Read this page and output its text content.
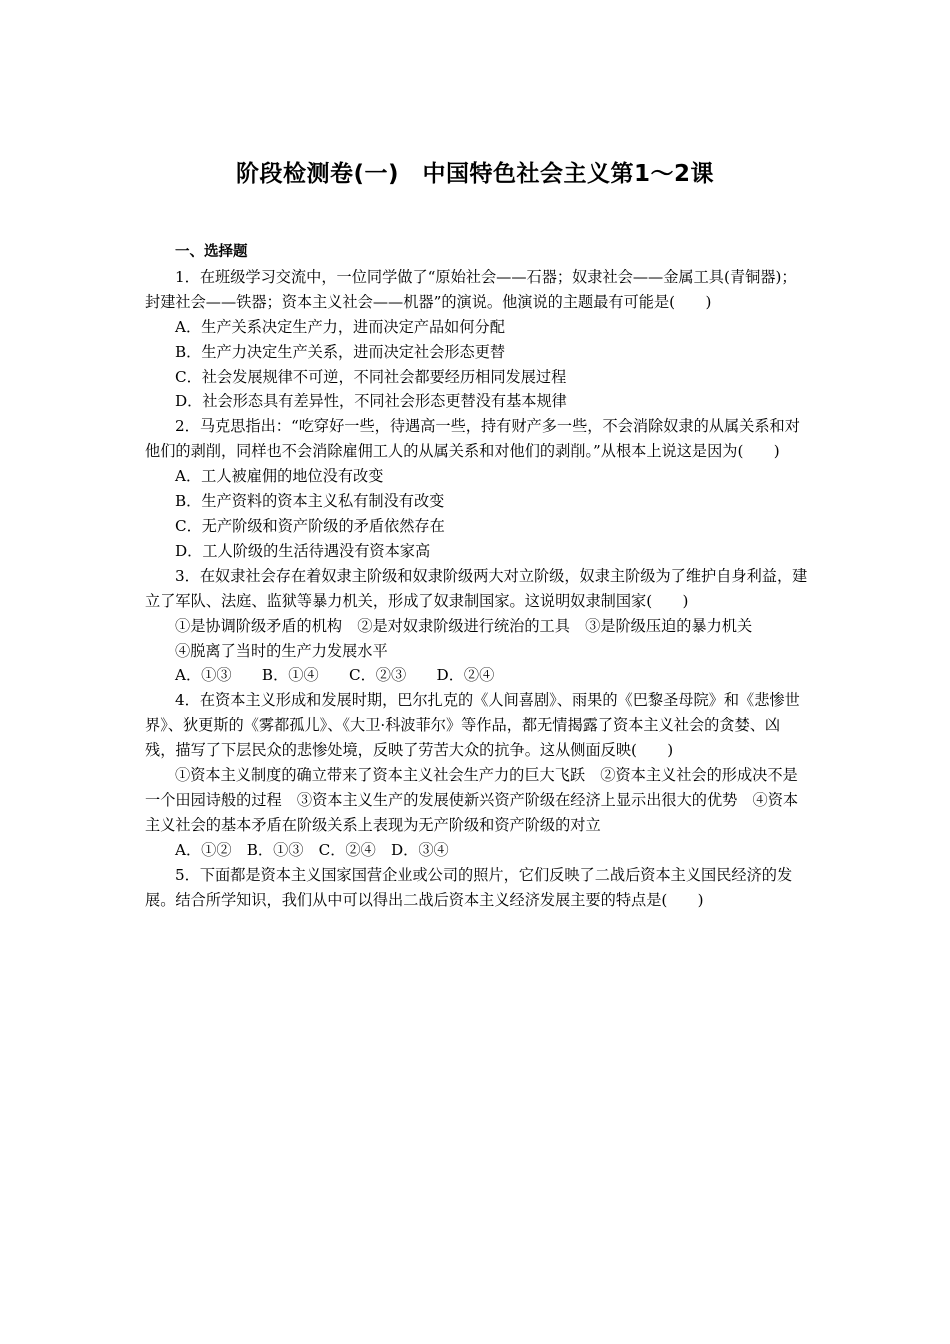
阶段检测卷(一)　中国特色社会主义第1～2课

一、选择题

1．在班级学习交流中，一位同学做了“原始社会——石器；奴隶社会——金属工具(青铜器)；封建社会——铁器；资本主义社会——机器”的演说。他演说的主题最有可能是(　　)

A．生产关系决定生产力，进而决定产品如何分配

B．生产力决定生产关系，进而决定社会形态更替

C．社会发展规律不可逆，不同社会都要经历相同发展过程

D．社会形态具有差异性，不同社会形态更替没有基本规律

2．马克思指出：“吃穿好一些，待遇高一些，持有财产多一些，不会消除奴隶的从属关系和对他们的剥削，同样也不会消除雇佣工人的从属关系和对他们的剥削。”从根本上说这是因为(　　)

A．工人被雇佣的地位没有改变

B．生产资料的资本主义私有制没有改变

C．无产阶级和资产阶级的矛盾依然存在

D．工人阶级的生活待遇没有资本家高

3．在奴隶社会存在着奴隶主阶级和奴隶阶级两大对立阶级，奴隶主阶级为了维护自身利益，建立了军队、法庭、监狱等暴力机关，形成了奴隶制国家。这说明奴隶制国家(　　)

①是协调阶级矛盾的机构　②是对奴隶阶级进行统治的工具　③是阶级压迫的暴力机关

④脱离了当时的生产力发展水平

A．①③　　B．①④　　C．②③　　D．②④

4．在资本主义形成和发展时期，巴尔扎克的《人间喜剧》、雨果的《巴黎圣母院》和《悲惨世界》、狄更斯的《雾都孤儿》、《大卫·科波菲尔》等作品，都无情揭露了资本主义社会的贪婪、凶残，描写了下层民众的悲惨处境，反映了劳苦大众的抗争。这从侧面反映(　　)

①资本主义制度的确立带来了资本主义社会生产力的巨大飞跃　②资本主义社会的形成决不是一个田园诗般的过程　③资本主义生产的发展使新兴资产阶级在经济上显示出很大的优势　④资本主义社会的基本矛盾在阶级关系上表现为无产阶级和资产阶级的对立

A．①②　B．①③　C．②④　D．③④

5．下面都是资本主义国家国营企业或公司的照片，它们反映了二战后资本主义国民经济的发展。结合所学知识，我们从中可以得出二战后资本主义经济发展主要的特点是(　　)
